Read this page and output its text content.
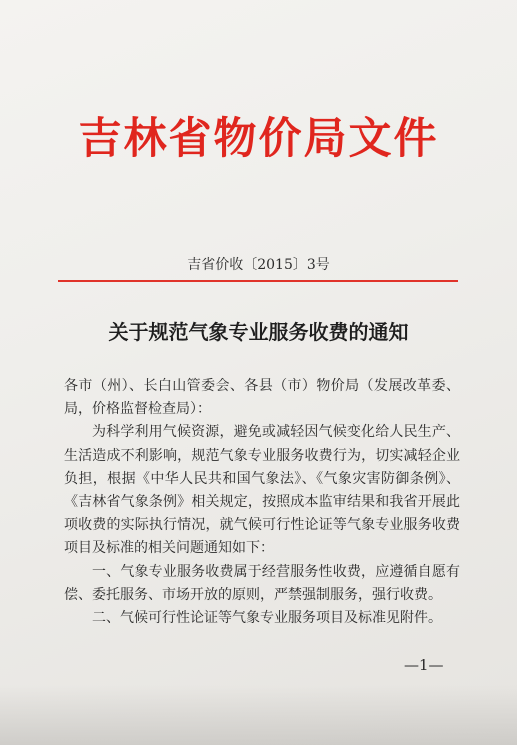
吉林省物价局文件
吉省价收〔2015〕3号
关于规范气象专业服务收费的通知

各市（州）、长白山管委会、各县（市）物价局（发展改革委、局，价格监督检查局）：

为科学利用气候资源，避免或减轻因气候变化给人民生产、生活造成不利影响，规范气象专业服务收费行为，切实减轻企业负担，根据《中华人民共和国气象法》、《气象灾害防御条例》、《吉林省气象条例》相关规定，按照成本监审结果和我省开展此项收费的实际执行情况，就气候可行性论证等气象专业服务收费项目及标准的相关问题通知如下：

一、气象专业服务收费属于经营服务性收费，应遵循自愿有偿、委托服务、市场开放的原则，严禁强制服务，强行收费。

二、气候可行性论证等气象专业服务项目及标准见附件。

—1—
